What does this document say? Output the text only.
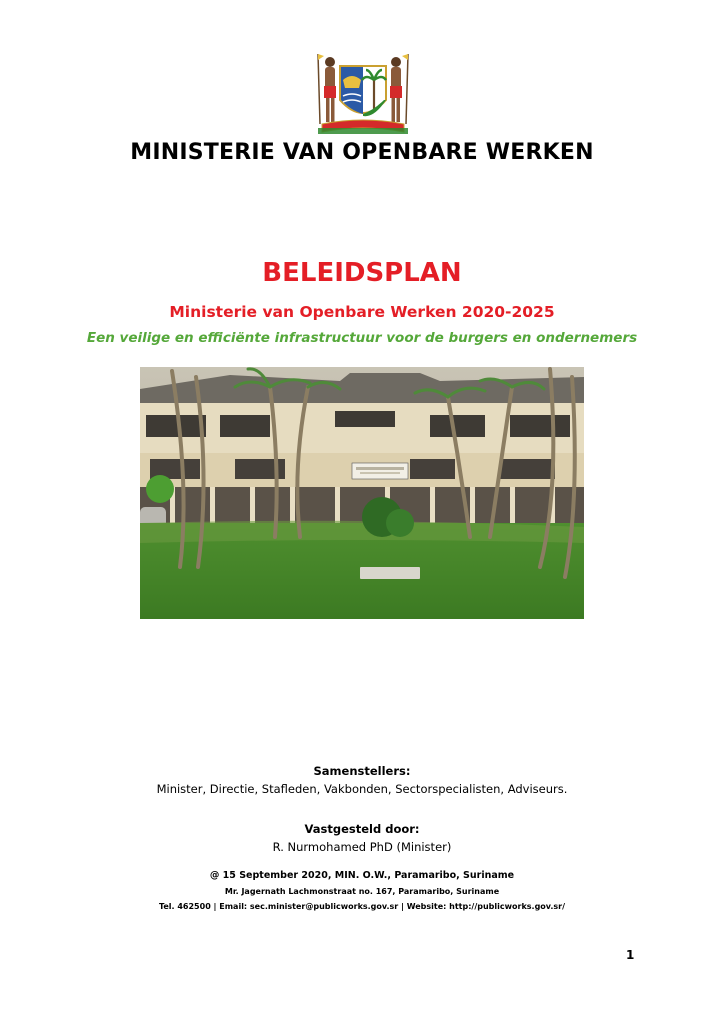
MINISTERIE VAN OPENBARE WERKEN
BELEIDSPLAN
Ministerie van Openbare Werken 2020-2025
Een veilige en efficiënte infrastructuur voor de burgers en ondernemers
Samenstellers:
Minister, Directie, Stafleden, Vakbonden, Sectorspecialisten, Adviseurs.
Vastgesteld door:
R. Nurmohamed PhD (Minister)
@ 15 September 2020, MIN. O.W., Paramaribo, Suriname
Mr. Jagernath Lachmonstraat no. 167, Paramaribo, Suriname
Tel. 462500 | Email: sec.minister@publicworks.gov.sr | Website: http://publicworks.gov.sr/
1
